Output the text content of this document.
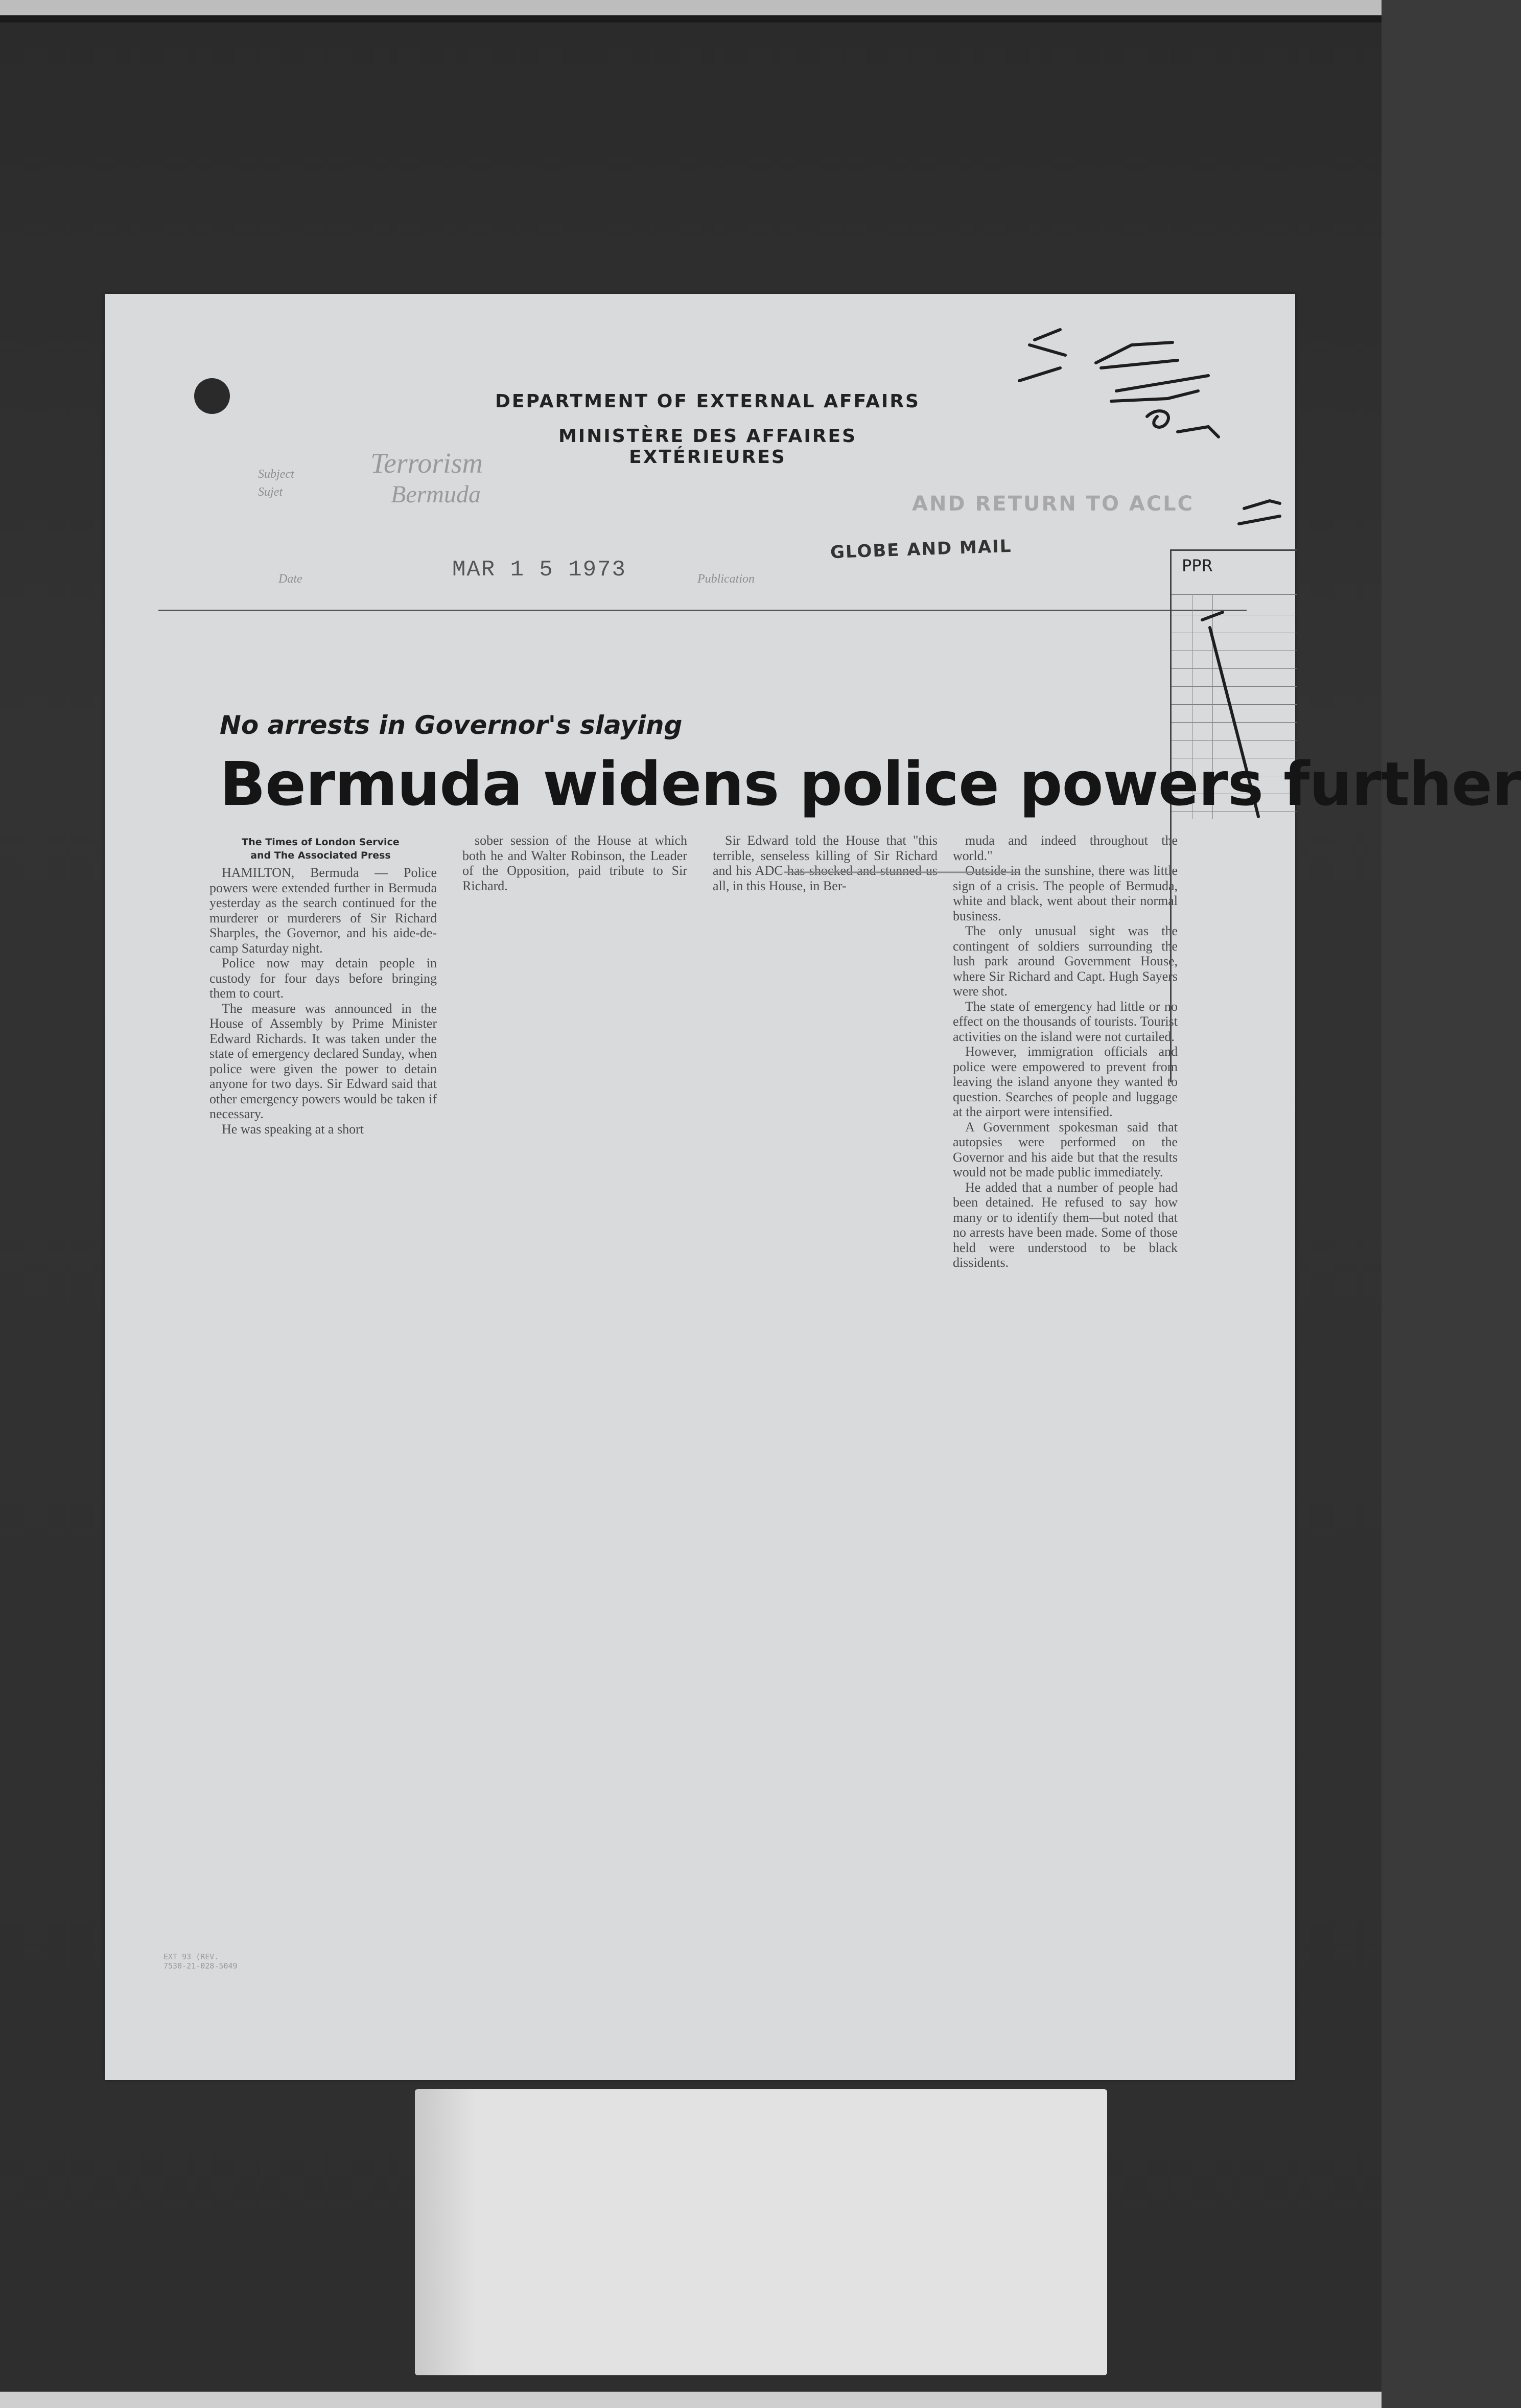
DEPARTMENT OF EXTERNAL AFFAIRS
MINISTÈRE DES AFFAIRES EXTÉRIEURES
Subject
Sujet
Terrorism
Bermuda	AND RETURN TO ACLC
Date	MAR 1 5 1973	Publication
GLOBE AND MAIL
PPR
No arrests in Governor's slaying
Bermuda widens police powers further
The Times of London Service
and The Associated Press

HAMILTON, Bermuda — Police powers were extended further in Bermuda yesterday as the search continued for the murderer or murderers of Sir Richard Sharples, the Governor, and his aide-de-camp Saturday night.

Police now may detain people in custody for four days before bringing them to court.

The measure was announced in the House of Assembly by Prime Minister Edward Richards. It was taken under the state of emergency declared Sunday, when police were given the power to detain anyone for two days. Sir Edward said that other emergency powers would be taken if necessary.

He was speaking at a short

sober session of the House at which both he and Walter Robinson, the Leader of the Opposition, paid tribute to Sir Richard.

Sir Edward told the House that "this terrible, senseless killing of Sir Richard and his ADC has shocked and stunned us all, in this House, in Ber-

muda and indeed throughout the world."

Outside in the sunshine, there was little sign of a crisis. The people of Bermuda, white and black, went about their normal business.

The only unusual sight was the contingent of soldiers surrounding the lush park around Government House, where Sir Richard and Capt. Hugh Sayers were shot.

The state of emergency had little or no effect on the thousands of tourists. Tourist activities on the island were not curtailed.

However, immigration officials and police were empowered to prevent from leaving the island anyone they wanted to question. Searches of people and luggage at the airport were intensified.

A Government spokesman said that autopsies were performed on the Governor and his aide but that the results would not be made public immediately.

He added that a number of people had been detained. He refused to say how many or to identify them—but noted that no arrests have been made. Some of those held were understood to be black dissidents.

EXT 93 (REV.
7530-21-028-5049
